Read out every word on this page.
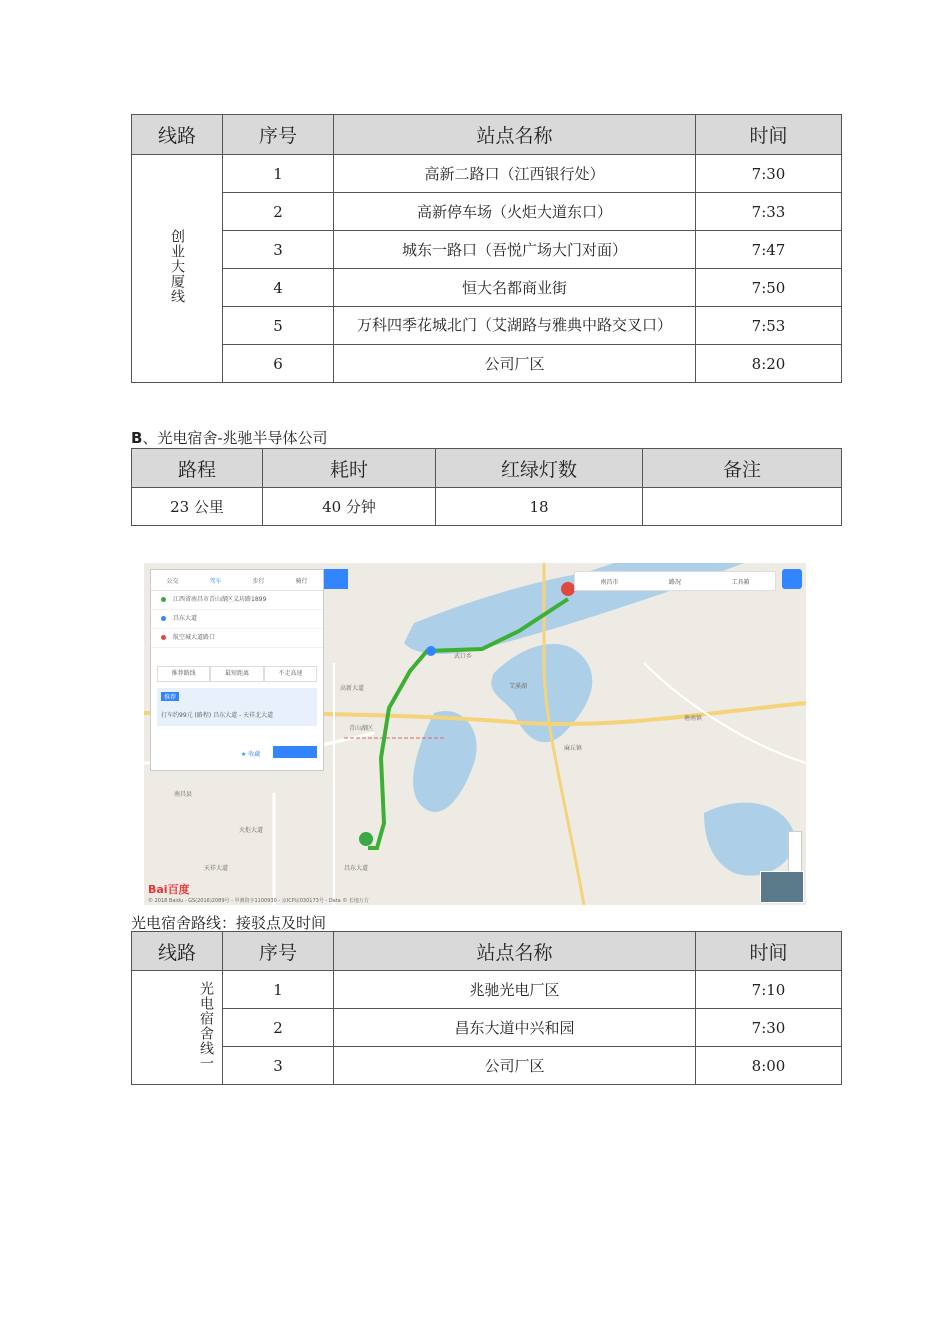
线路	序号	站点名称	时间
创业大厦线	1	高新二路口（江西银行处）	7:30
	2	高新停车场（火炬大道东口）	7:33
	3	城东一路口（吾悦广场大门对面）	7:47
	4	恒大名都商业街	7:50
	5	万科四季花城北门（艾湖路与雅典中路交叉口）	7:53
	6	公司厂区	8:20
B、光电宿舍-兆驰半导体公司
路程	耗时	红绿灯数	备注
23 公里	40 分钟	18	
武口乡
南昌县
麻丘镇
昌东大道
高新大道
青山湖区
塘南镇
艾溪湖
天祥大道
火炬大道
公交	驾车	步行	骑行
江西省南昌市青山湖区义坊路1899
昌东大道
航空城大道路口
推荐路线	最短距离	不走高速
推荐
打车约99元 (路程) 昌东大道 - 天祥北大道
★ 收藏
南昌市	路况	工具箱
Bai百度
© 2018 Baidu - GS(2016)2089号 - 甲测资字1100930 - 京ICP证030173号 - Data © 长地万方
光电宿舍路线：接驳点及时间
线路	序号	站点名称	时间
光电宿舍线一	1	兆驰光电厂区	7:10
	2	昌东大道中兴和园	7:30
	3	公司厂区	8:00
